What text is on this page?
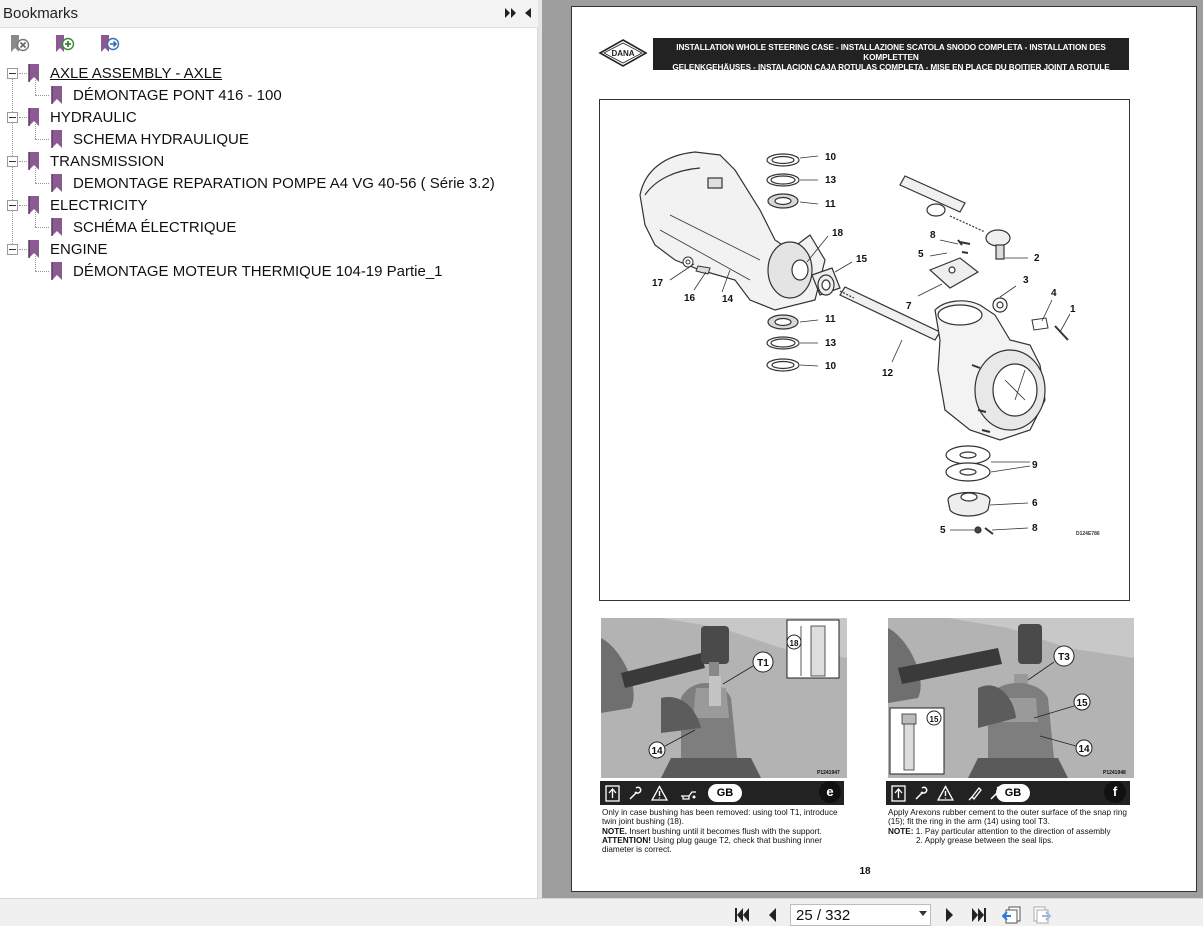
Bookmarks
AXLE ASSEMBLY - AXLE
DÉMONTAGE PONT 416 - 100
HYDRAULIC
SCHEMA HYDRAULIQUE
TRANSMISSION
DEMONTAGE REPARATION POMPE A4 VG 40-56 ( Série 3.2)
ELECTRICITY
SCHÉMA ÉLECTRIQUE
ENGINE
DÉMONTAGE MOTEUR THERMIQUE 104-19 Partie_1
DANA
INSTALLATION WHOLE STEERING CASE - INSTALLAZIONE SCATOLA SNODO COMPLETA - INSTALLATION DES KOMPLETTEN
GELENKGEHÄUSES - INSTALACION CAJA ROTULAS COMPLETA - MISE EN PLACE DU BOITIER JOINT A ROTULE COMPLET
10
13
11
18
15
17
16	14
11
13
10
8
5	2
7
3
4
1
12
9
6
5	8	D124E786
T1
14
18
P1241947
T3
15
14
15
P1241948
GB	e	GB	f
Only in case bushing has been removed: using tool T1, introduce twin joint bushing (18).
NOTE. Insert bushing until it becomes flush with the support.
ATTENTION! Using plug gauge T2, check that bushing inner diameter is correct.
Apply Arexons rubber cement to the outer surface of the snap ring (15); fit the ring in the arm (14) using tool T3.
NOTE: 1. Pay particular attention to the direction of assembly
2. Apply grease between the seal lips.
18
25 / 332
